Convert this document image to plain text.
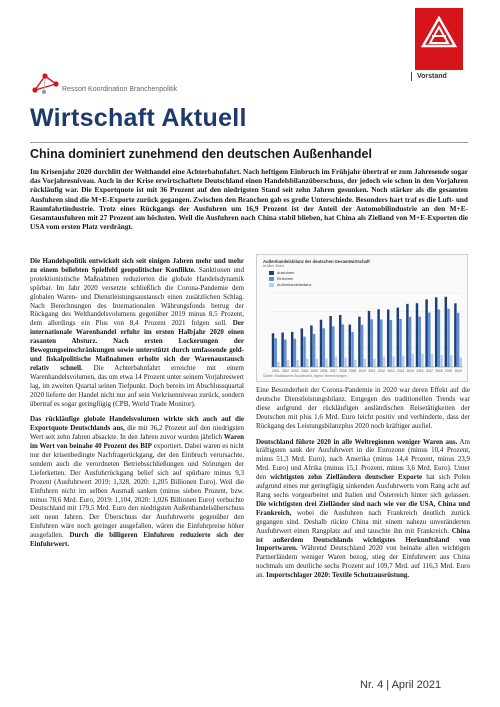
Vorstand
Ressort Koordination Branchenpolitik
Wirtschaft Aktuell
China dominiert zunehmend den deutschen Außenhandel
Im Krisenjahr 2020 durchlitt der Welthandel eine Achterbahnfahrt. Nach heftigem Einbruch im Frühjahr übertraf er zum Jahresende sogar das Vorjahresniveau. Auch in der Krise erwirtschaftete Deutschland einen Handelsbilanzüberschuss, der jedoch wie schon in den Vorjahren rückläufig war. Die Exportquote ist mit 36 Prozent auf den niedrigsten Stand seit zehn Jahren gesunken. Noch stärker als die gesamten Ausfuhren sind die M+E-Exporte zurück gegangen. Zwischen den Branchen gab es große Unterschiede. Besonders hart traf es die Luft- und Raumfahrtindustrie. Trotz eines Rückgangs der Ausfuhren um 16,9 Prozent ist der Anteil der Automobilindustrie an den M+E-Gesamtausfuhren mit 27 Prozent am höchsten. Weil die Ausfuhren nach China stabil blieben, hat China als Zielland von M+E-Exporten die USA vom ersten Platz verdrängt.

Die Handelspolitik entwickelt sich seit einigen Jahren mehr und mehr zu einem beliebten Spielfeld geopolitischer Konflikte. Sanktionen und protektionistische Maßnahmen reduzierten die globale Handelsdynamik spürbar. Im Jahr 2020 versetzte schließlich die Corona-Pandemie dem globalen Waren- und Dienstleistungsaustausch einen zusätzlichen Schlag. Nach Berechnungen des Internationalen Währungsfonds betrug der Rückgang des Welthandelsvolumens gegenüber 2019 minus 8,5 Prozent, dem allerdings ein Plus von 8,4 Prozent 2021 folgen soll. Der internationale Warenhandel erfuhr im ersten Halbjahr 2020 einen rasanten Absturz. Nach ersten Lockerungen der Bewegungseinschränkungen sowie unterstützt durch umfassende geld- und fiskalpolitische Maßnahmen erholte sich der Warenaustausch relativ schnell. Die Achterbahnfahrt erreichte mit einem Warenhandelsvolumen, das um etwa 14 Prozent unter seinem Vorjahreswert lag, im zweiten Quartal seinen Tiefpunkt. Doch bereits im Abschlussquartal 2020 lieferte der Handel nicht nur auf sein Vorkrisenniveau zurück, sondern übertraf es sogar geringfügig (CPB, World Trade Monitor).

Das rückläufige globale Handelsvolumen wirkte sich auch auf die Exportquote Deutschlands aus, die mit 36,2 Prozent auf den niedrigsten Wert seit zehn Jahren absackte. In den Jahren zuvor wurden jährlich Waren im Wert von beinahe 40 Prozent des BIP exportiert. Dabei waren es nicht nur der krisenbedingte Nachfragerückgang, der den Einbruch verursachte, sondern auch die verordneten Betriebsschließungen und Störungen der Lieferketten. Der Ausfuhrrückgang belief sich auf spürbare minus 9,3 Prozent (Ausfuhrwert 2019: 1,328, 2020: 1,205 Billionen Euro). Weil die Einfuhren nicht im selben Ausmaß sanken (minus sieben Prozent, bzw. minus 78,6 Mrd. Euro, 2019: 1,104, 2020: 1,026 Billionen Euro) verbuchte Deutschland mit 179,5 Mrd. Euro den niedrigsten Außenhandelsüberschuss seit neun Jahren. Der Überschuss der Ausfuhrwerte gegenüber den Einfuhren wäre noch geringer ausgefallen, wären die Einfuhrpreise höher ausgefallen. Durch die billigeren Einfuhren reduzierte sich der Einfuhrwert.

Außenhandelsbilanz der deutschen Gesamtwirtschaft
in Mrd. Euro
Ausfuhren
Einfuhren
Außenhandelsbilanz
2001 2002 2003 2004 2005 2006 2007 2008 2009 2010 2011 2012 2013 2014 2015 2016 2017 2018 2019 2020
Quelle: Statistisches Bundesamt, eigene Berechnungen

Eine Besonderheit der Corona-Pandemie in 2020 war deren Effekt auf die deutsche Dienstleistungsbilanz. Entgegen des traditionellen Trends war diese aufgrund der rückläufigen ausländischen Reisetätigkeiten der Deutschen mit plus 1,6 Mrd. Euro leicht positiv und verhinderte, dass der Rückgang des Leistungsbilanzplus 2020 noch kräftiger ausfiel.

Deutschland führte 2020 in alle Weltregionen weniger Waren aus. Am kräftigsten sank der Ausfuhrwert in die Eurozone (minus 10,4 Prozent, minus 51,3 Mrd. Euro), nach Amerika (minus 14,4 Prozent, minus 23,9 Mrd. Euro) und Afrika (minus 15,1 Prozent, minus 3,6 Mrd. Euro). Unter den wichtigsten zehn Zielländern deutscher Exporte hat sich Polen aufgrund eines nur geringfügig sinkenden Ausfuhrwerts vom Rang acht auf Rang sechs vorgearbeitet und Italien und Österreich hinter sich gelassen. Die wichtigsten drei Zielländer sind nach wie vor die USA, China und Frankreich, wobei die Ausfuhren nach Frankreich deutlich zurück gegangen sind. Deshalb rückte China mit einem nahezu unveränderten Ausfuhrwert einen Rangplatz auf und tauschte ihn mit Frankreich. China ist außerdem Deutschlands wichtigstes Herkunftsland von Importwaren. Während Deutschland 2020 von beinahe allen wichtigen Partnerländern weniger Waren bezog, stieg der Einfuhrwert aus China nochmals um deutliche sechs Prozent auf 109,7 Mrd. auf 116,3 Mrd. Euro an. Importschlager 2020: Textile Schutzausrüstung.

Nr. 4 | April 2021
